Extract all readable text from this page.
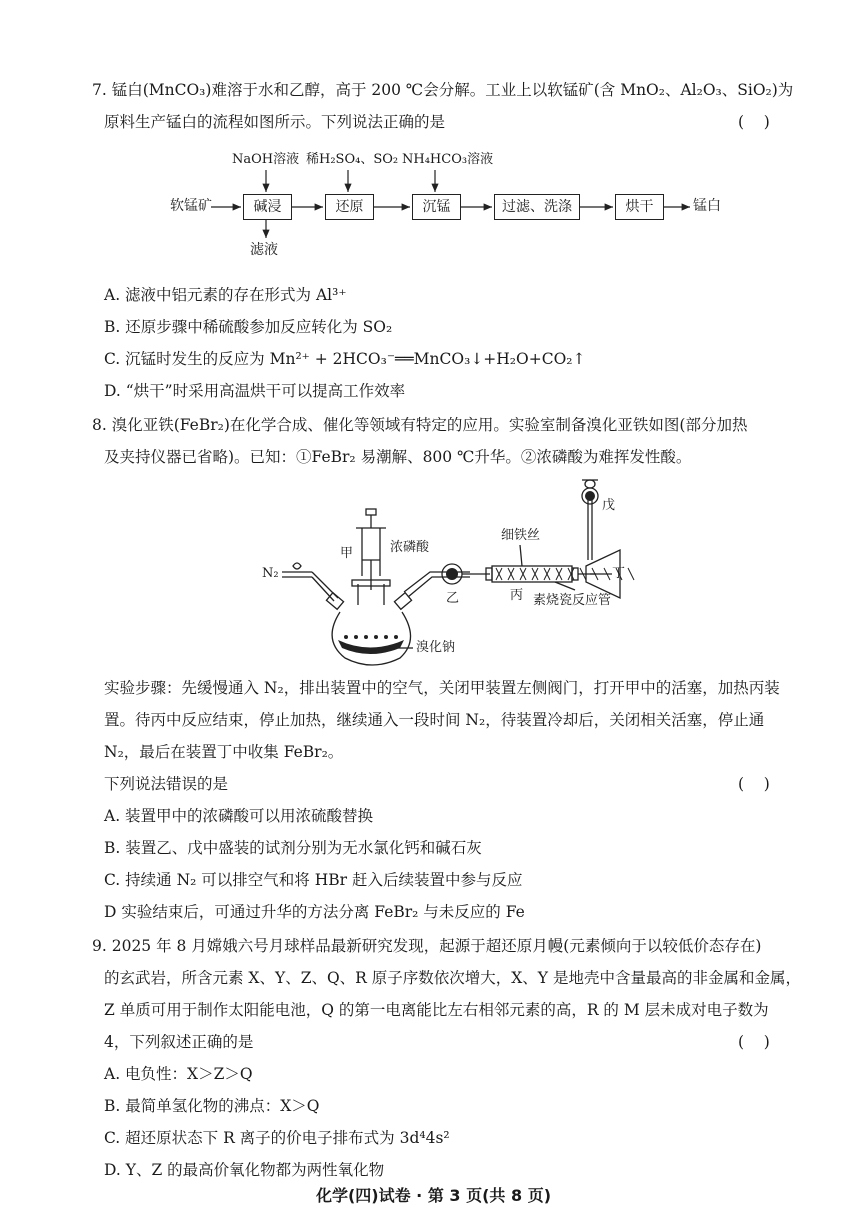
7. 锰白(MnCO₃)难溶于水和乙醇，高于 200 ℃会分解。工业上以软锰矿(含 MnO₂、Al₂O₃、SiO₂)为
原料生产锰白的流程如图所示。下列说法正确的是	(    )
NaOH溶液 稀H₂SO₄、SO₂ NH₄HCO₃溶液
软锰矿	碱浸	还原	沉锰	过滤、洗涤	烘干	锰白
滤液
A. 滤液中铝元素的存在形式为 Al³⁺
B. 还原步骤中稀硫酸参加反应转化为 SO₂
C. 沉锰时发生的反应为 Mn²⁺ + 2HCO₃⁻══MnCO₃↓+H₂O+CO₂↑
D. “烘干”时采用高温烘干可以提高工作效率
8. 溴化亚铁(FeBr₂)在化学合成、催化等领域有特定的应用。实验室制备溴化亚铁如图(部分加热
及夹持仪器已省略)。已知：①FeBr₂ 易潮解、800 ℃升华。②浓磷酸为难挥发性酸。
N₂
甲	浓磷酸
溴化钠
乙
细铁丝
丙 素烧瓷反应管
丁
戊
实验步骤：先缓慢通入 N₂，排出装置中的空气，关闭甲装置左侧阀门，打开甲中的活塞，加热丙装
置。待丙中反应结束，停止加热，继续通入一段时间 N₂，待装置冷却后，关闭相关活塞，停止通
N₂，最后在装置丁中收集 FeBr₂。
下列说法错误的是	(    )
A. 装置甲中的浓磷酸可以用浓硫酸替换
B. 装置乙、戊中盛装的试剂分别为无水氯化钙和碱石灰
C. 持续通 N₂ 可以排空气和将 HBr 赶入后续装置中参与反应
D 实验结束后，可通过升华的方法分离 FeBr₂ 与未反应的 Fe
9. 2025 年 8 月嫦娥六号月球样品最新研究发现，起源于超还原月幔(元素倾向于以较低价态存在)
的玄武岩，所含元素 X、Y、Z、Q、R 原子序数依次增大，X、Y 是地壳中含量最高的非金属和金属，
Z 单质可用于制作太阳能电池，Q 的第一电离能比左右相邻元素的高，R 的 M 层未成对电子数为
4，下列叙述正确的是	(    )
A. 电负性：X＞Z＞Q
B. 最简单氢化物的沸点：X＞Q
C. 超还原状态下 R 离子的价电子排布式为 3d⁴4s²
D. Y、Z 的最高价氧化物都为两性氧化物
化学(四)试卷 · 第 3 页(共 8 页)
